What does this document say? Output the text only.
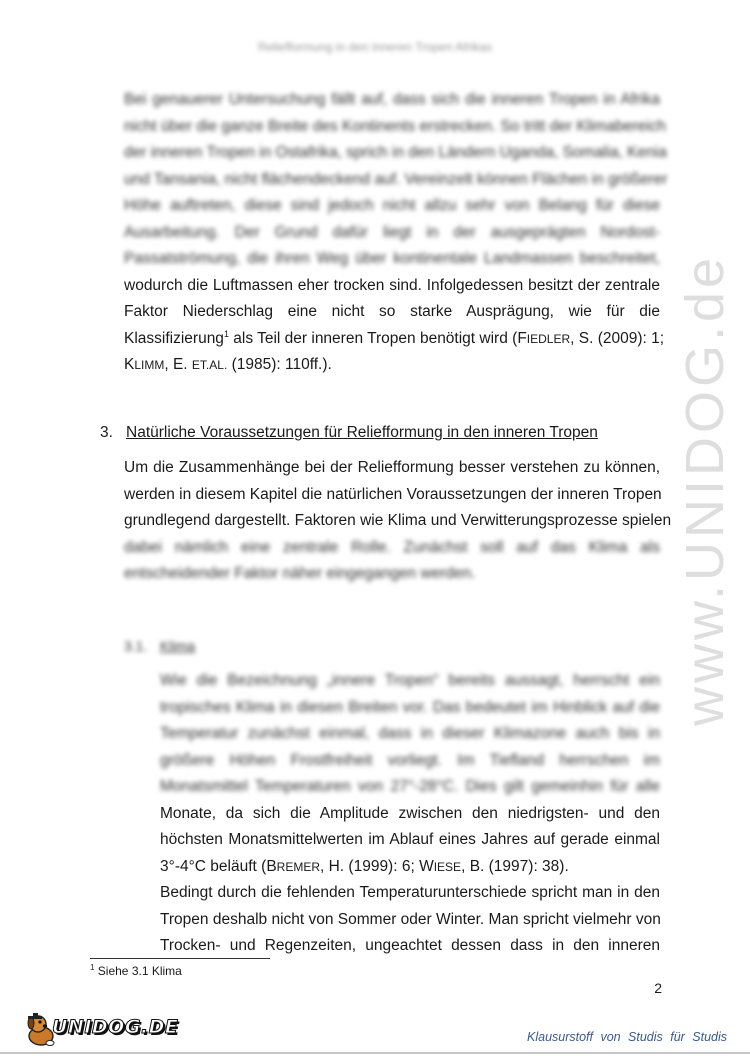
www.UNIDOG.de
Reliefformung in den inneren Tropen Afrikas
Bei genauerer Untersuchung fällt auf, dass sich die inneren Tropen in Afrika
nicht über die ganze Breite des Kontinents erstrecken. So tritt der Klimabereich
der inneren Tropen in Ostafrika, sprich in den Ländern Uganda, Somalia, Kenia
und Tansania, nicht flächendeckend auf. Vereinzelt können Flächen in größerer
Höhe auftreten, diese sind jedoch nicht allzu sehr von Belang für diese
Ausarbeitung. Der Grund dafür liegt in der ausgeprägten Nordost-
Passatströmung, die ihren Weg über kontinentale Landmassen beschreitet,
wodurch die Luftmassen eher trocken sind. Infolgedessen besitzt der zentrale
Faktor Niederschlag eine nicht so starke Ausprägung, wie für die
Klassifizierung$^1$ als Teil der inneren Tropen benötigt wird (FIEDLER, S. (2009): 1;
KLIMM, E. ET.AL. (1985): 110ff.).
3. Natürliche Voraussetzungen für Reliefformung in den inneren Tropen
Um die Zusammenhänge bei der Reliefformung besser verstehen zu können,
werden in diesem Kapitel die natürlichen Voraussetzungen der inneren Tropen
grundlegend dargestellt. Faktoren wie Klima und Verwitterungsprozesse spielen
dabei nämlich eine zentrale Rolle. Zunächst soll auf das Klima als
entscheidender Faktor näher eingegangen werden.
3.1. Klima
Wie die Bezeichnung „innere Tropen“ bereits aussagt, herrscht ein
tropisches Klima in diesen Breiten vor. Das bedeutet im Hinblick auf die
Temperatur zunächst einmal, dass in dieser Klimazone auch bis in
größere Höhen Frostfreiheit vorliegt. Im Tiefland herrschen im
Monatsmittel Temperaturen von 27°-28°C. Dies gilt gemeinhin für alle
Monate, da sich die Amplitude zwischen den niedrigsten- und den
höchsten Monatsmittelwerten im Ablauf eines Jahres auf gerade einmal
3°-4°C beläuft (BREMER, H. (1999): 6; WIESE, B. (1997): 38).
Bedingt durch die fehlenden Temperaturunterschiede spricht man in den
Tropen deshalb nicht von Sommer oder Winter. Man spricht vielmehr von
Trocken- und Regenzeiten, ungeachtet dessen dass in den inneren
$^1$ Siehe 3.1 Klima
2
UNIDOG.DE	Klausurstoff von Studis für Studis
